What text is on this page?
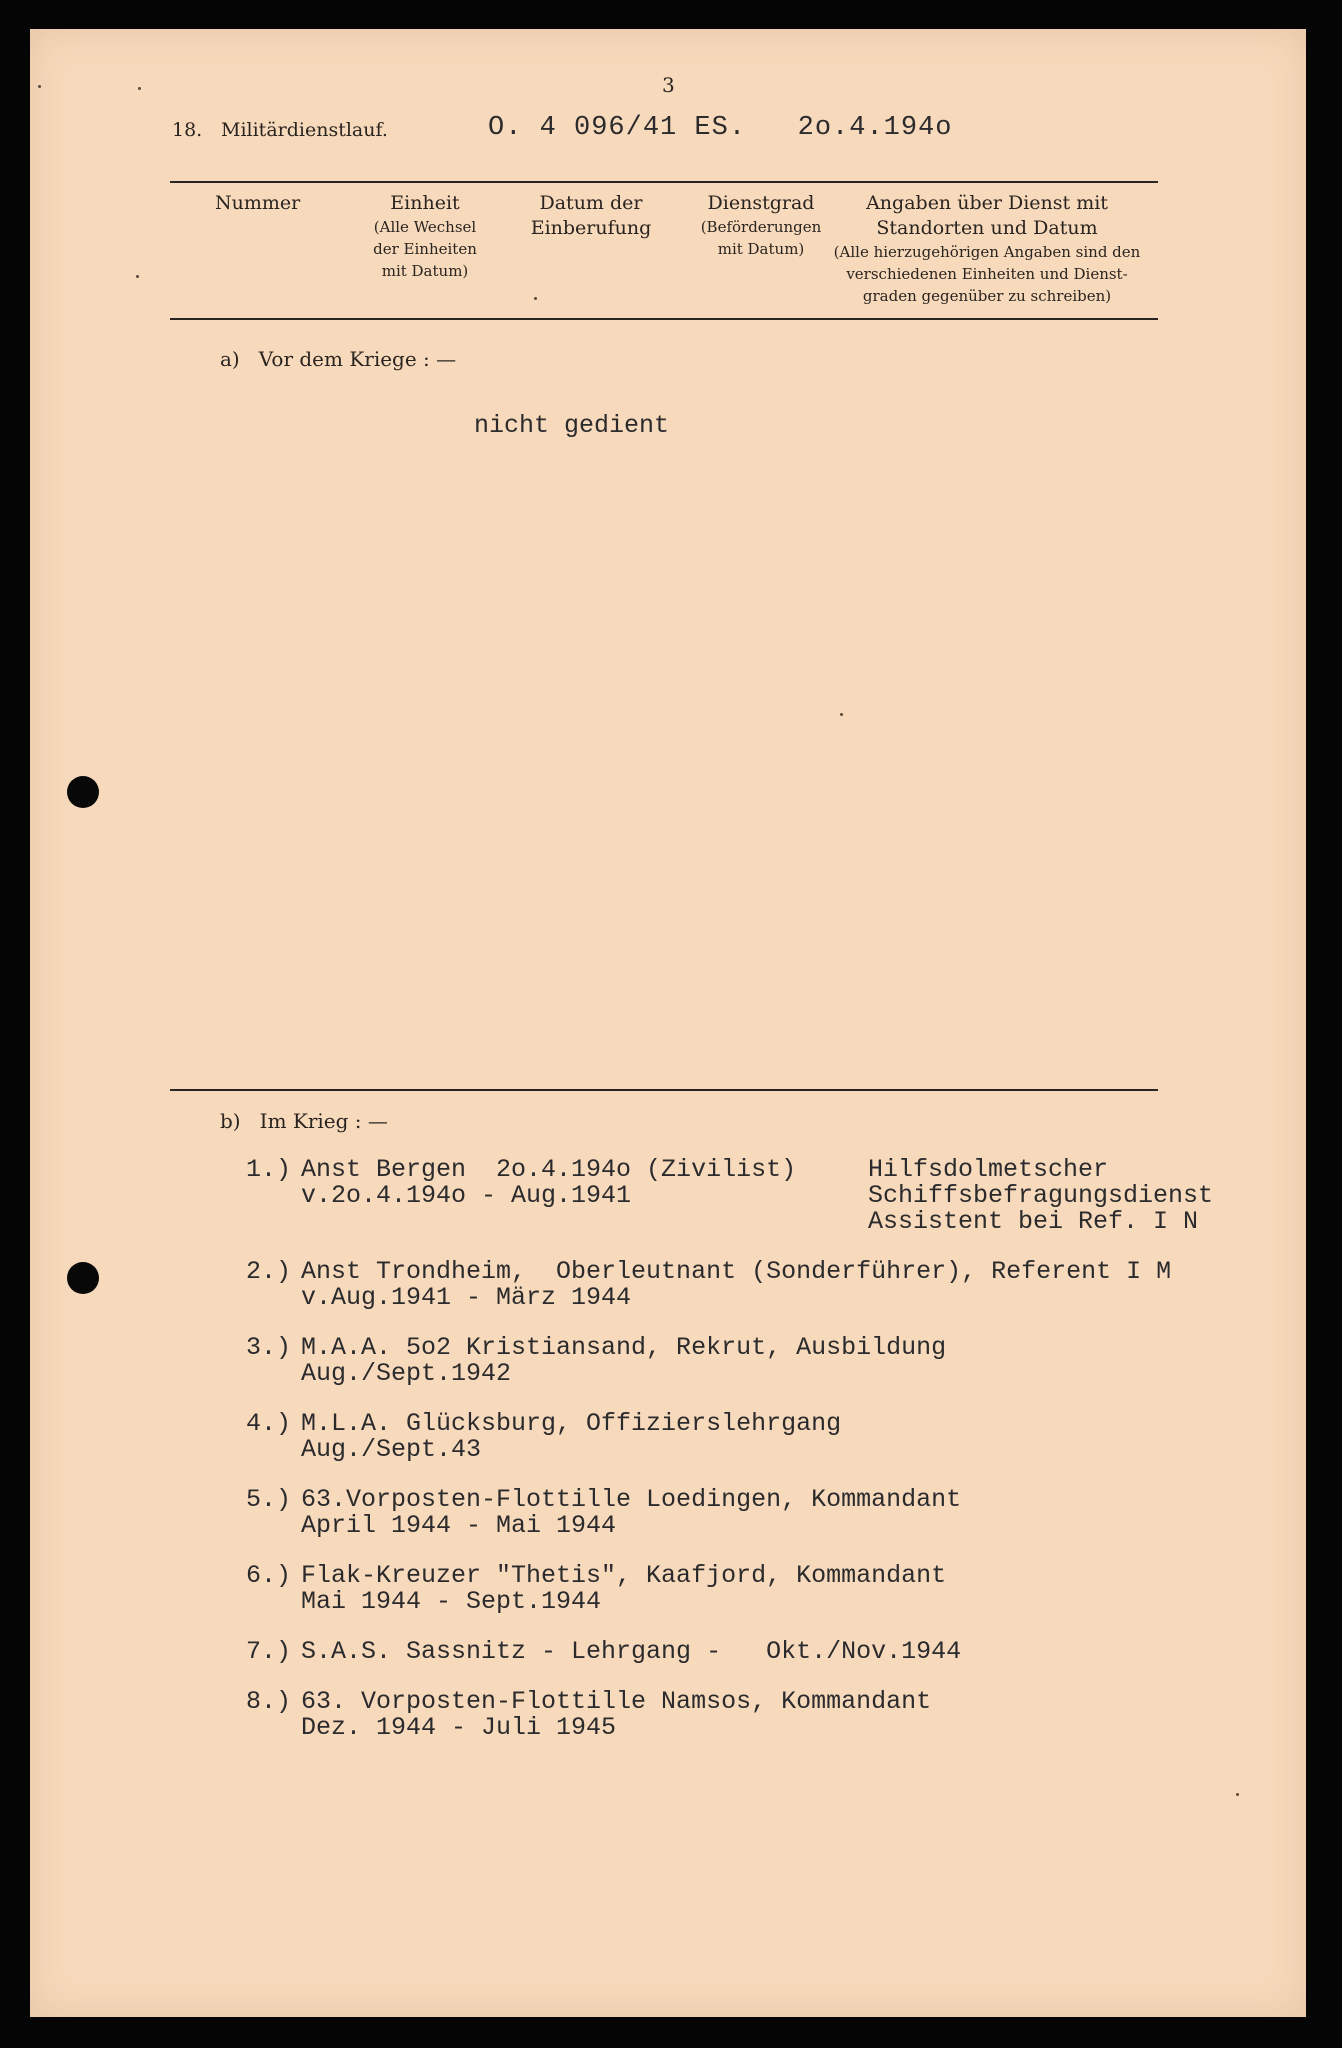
3
18. Militärdienstlauf.	O. 4 096/41 ES.   2o.4.194o
Nummer	Einheit
(Alle Wechsel
der Einheiten
mit Datum)
Datum der
Einberufung
Dienstgrad
(Beförderungen
mit Datum)
Angaben über Dienst mit
Standorten und Datum
(Alle hierzugehörigen Angaben sind den
verschiedenen Einheiten und Dienst-
graden gegenüber zu schreiben)
a)   Vor dem Kriege : —
nicht gedient
b)   Im Krieg : —
1.) Anst Bergen  2o.4.194o (Zivilist)
v.2o.4.194o - Aug.1941
Hilfsdolmetscher
Schiffsbefragungsdienst
Assistent bei Ref. I N
2.) Anst Trondheim,  Oberleutnant (Sonderführer), Referent I M
v.Aug.1941 - März 1944
3.) M.A.A. 5o2 Kristiansand, Rekrut, Ausbildung
Aug./Sept.1942
4.) M.L.A. Glücksburg, Offizierslehrgang
Aug./Sept.43
5.) 63.Vorposten-Flottille Loedingen, Kommandant
April 1944 - Mai 1944
6.) Flak-Kreuzer "Thetis", Kaafjord, Kommandant
Mai 1944 - Sept.1944
7.) S.A.S. Sassnitz - Lehrgang -   Okt./Nov.1944
8.) 63. Vorposten-Flottille Namsos, Kommandant
Dez. 1944 - Juli 1945
